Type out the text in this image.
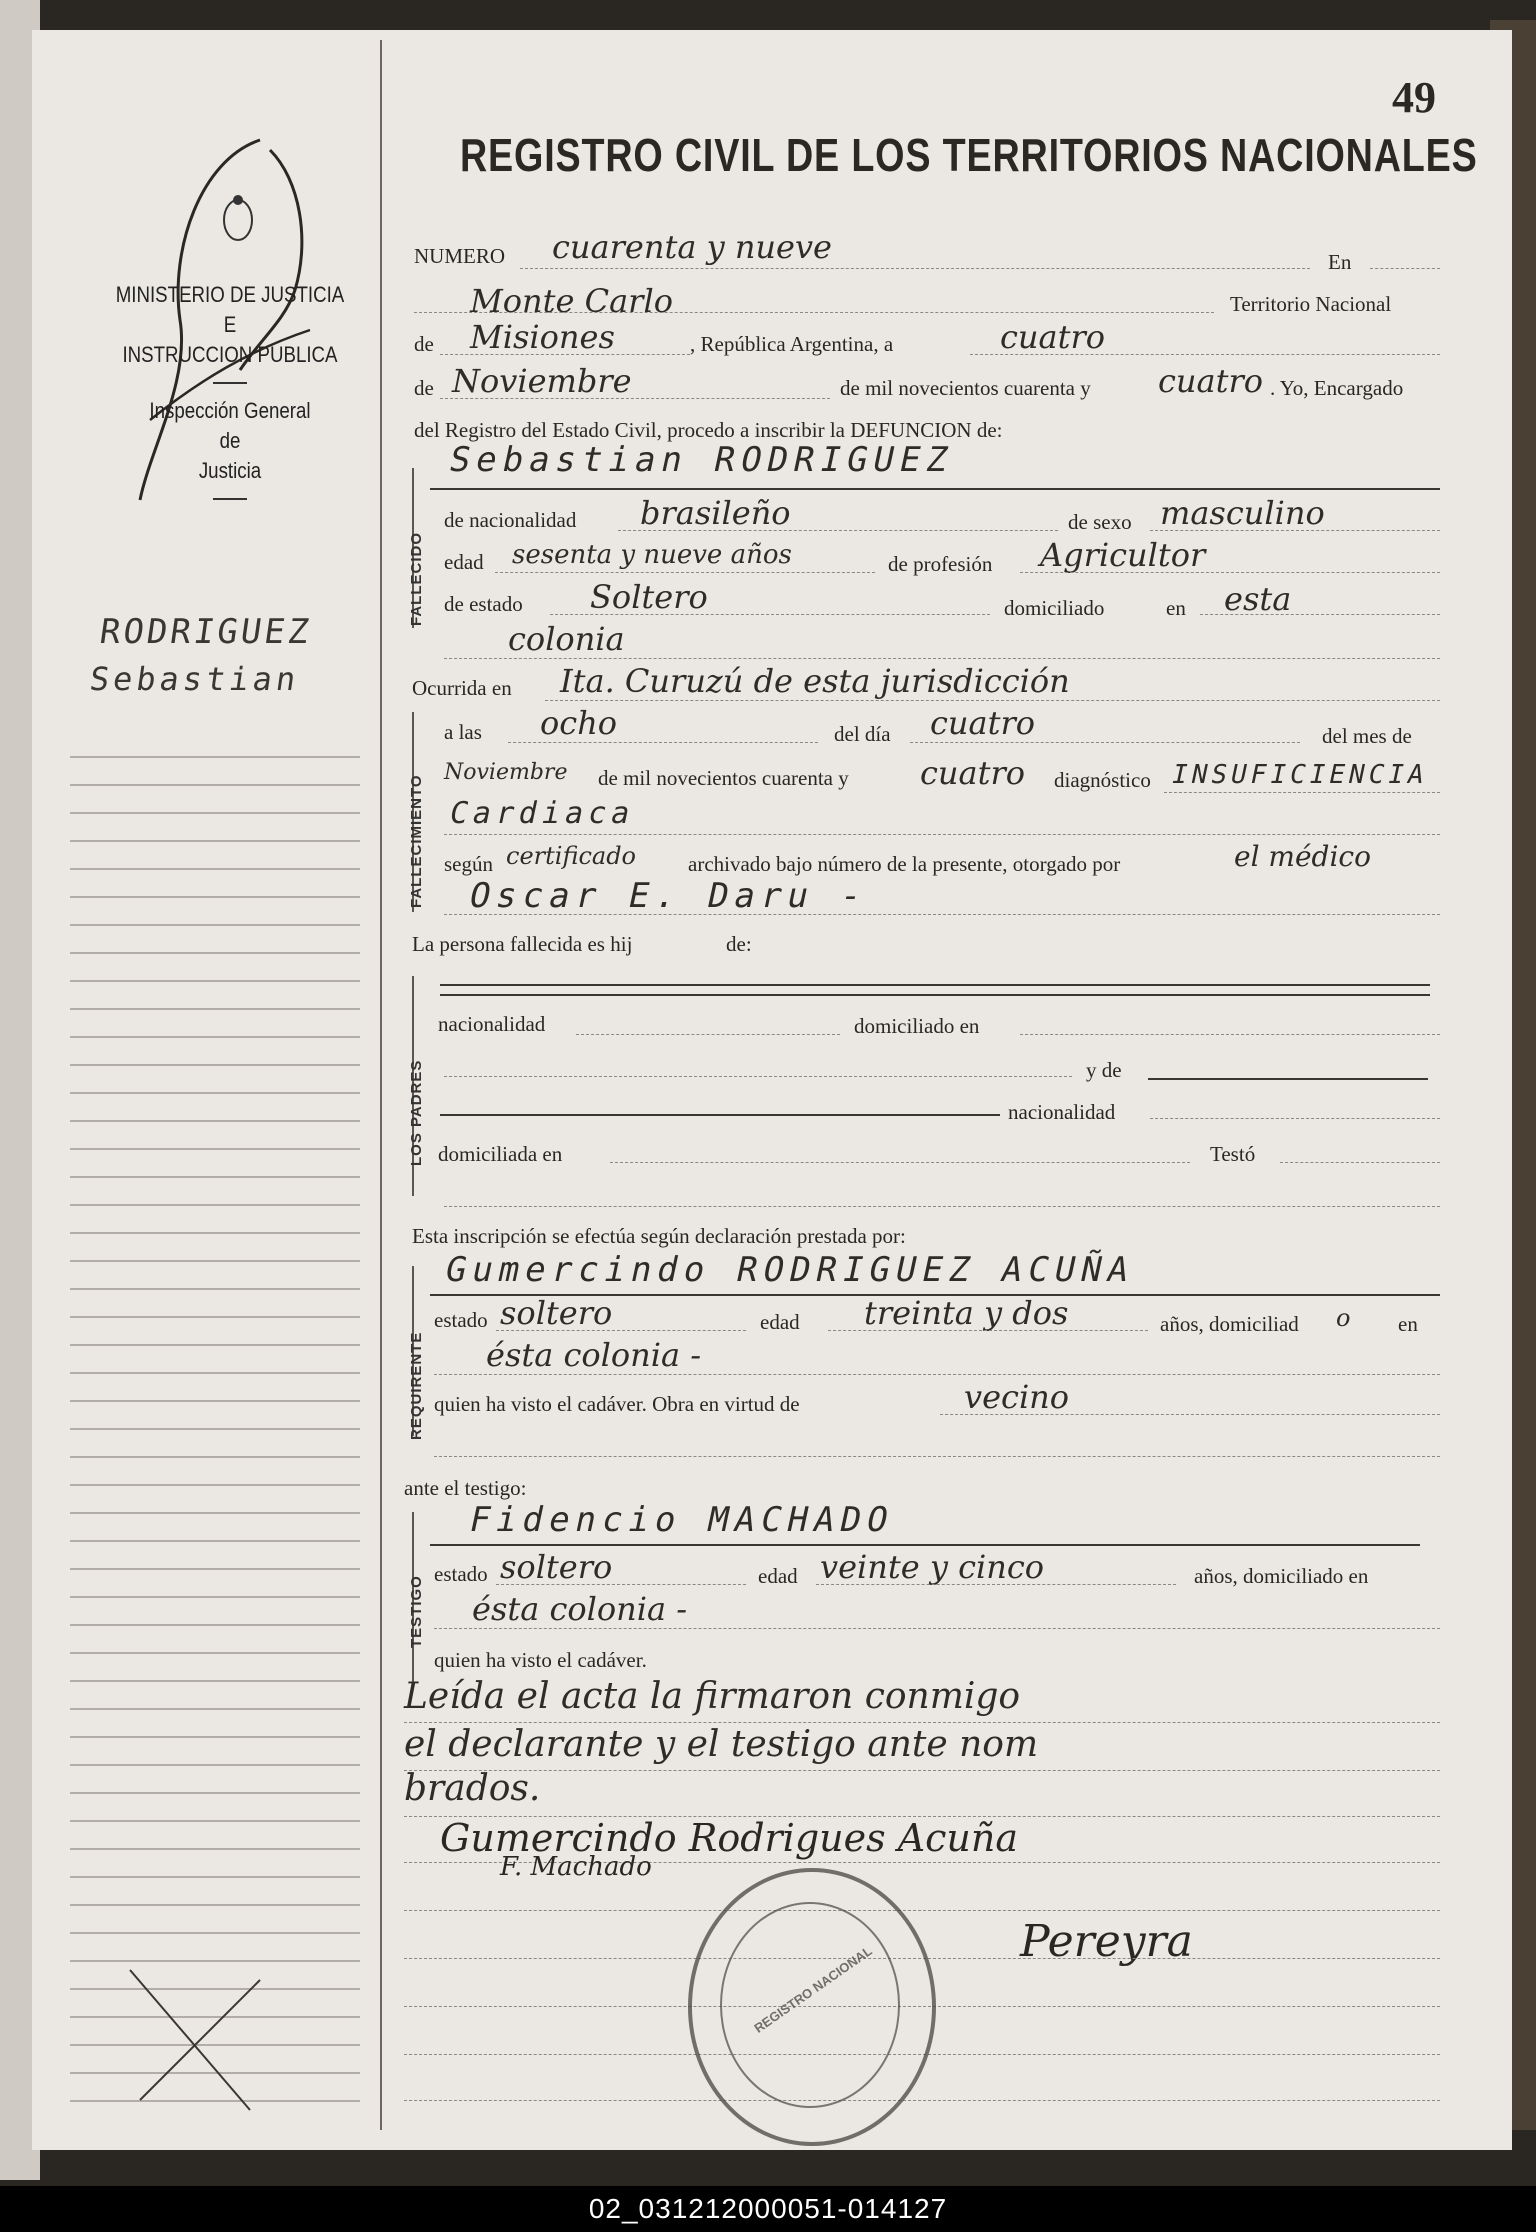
MINISTERIO DE JUSTICIA
E
INSTRUCCION PUBLICA
Inspección General
de
Justicia
RODRIGUEZ
Sebastian
49
REGISTRO CIVIL DE LOS TERRITORIOS NACIONALES
NUMERO cuarenta y nueve	En
Monte Carlo	Territorio Nacional
de Misiones	, República Argentina, a	cuatro
de Noviembre	de mil novecientos cuarenta y cuatro . Yo, Encargado
del Registro del Estado Civil, procedo a inscribir la DEFUNCION de:
FALLECIDO
Sebastian RODRIGUEZ
de nacionalidad brasileño	de sexo masculino
edad sesenta y nueve años	de profesión Agricultor
de estado Soltero	domiciliado	en esta
colonia
Ocurrida en Ita. Curuzú de esta jurisdicción
FALLECIMIENTO
a las ocho	del día cuatro	del mes de
Noviembre de mil novecientos cuarenta y cuatro diagnóstico INSUFICIENCIA
Cardiaca
según certificado archivado bajo número de la presente, otorgado por	el médico
Oscar E. Daru -
La persona fallecida es hij	de:
LOS PADRES
nacionalidad	domiciliado en
y de
nacionalidad
domiciliada en	Testó
Esta inscripción se efectúa según declaración prestada por:
REQUIRENTE
Gumercindo RODRIGUEZ ACUÑA
estado soltero	edad treinta y dos	años, domiciliad o en
ésta colonia -
quien ha visto el cadáver. Obra en virtud de	vecino
ante el testigo:
TESTIGO
Fidencio MACHADO
estado soltero	edad veinte y cinco	años, domiciliado en
ésta colonia -
quien ha visto el cadáver.
Leída el acta la firmaron conmigo
el declarante y el testigo ante nom
brados.
Gumercindo Rodrigues Acuña
F. Machado
Pereyra
REGISTRO NACIONAL
02_031212000051-014127
